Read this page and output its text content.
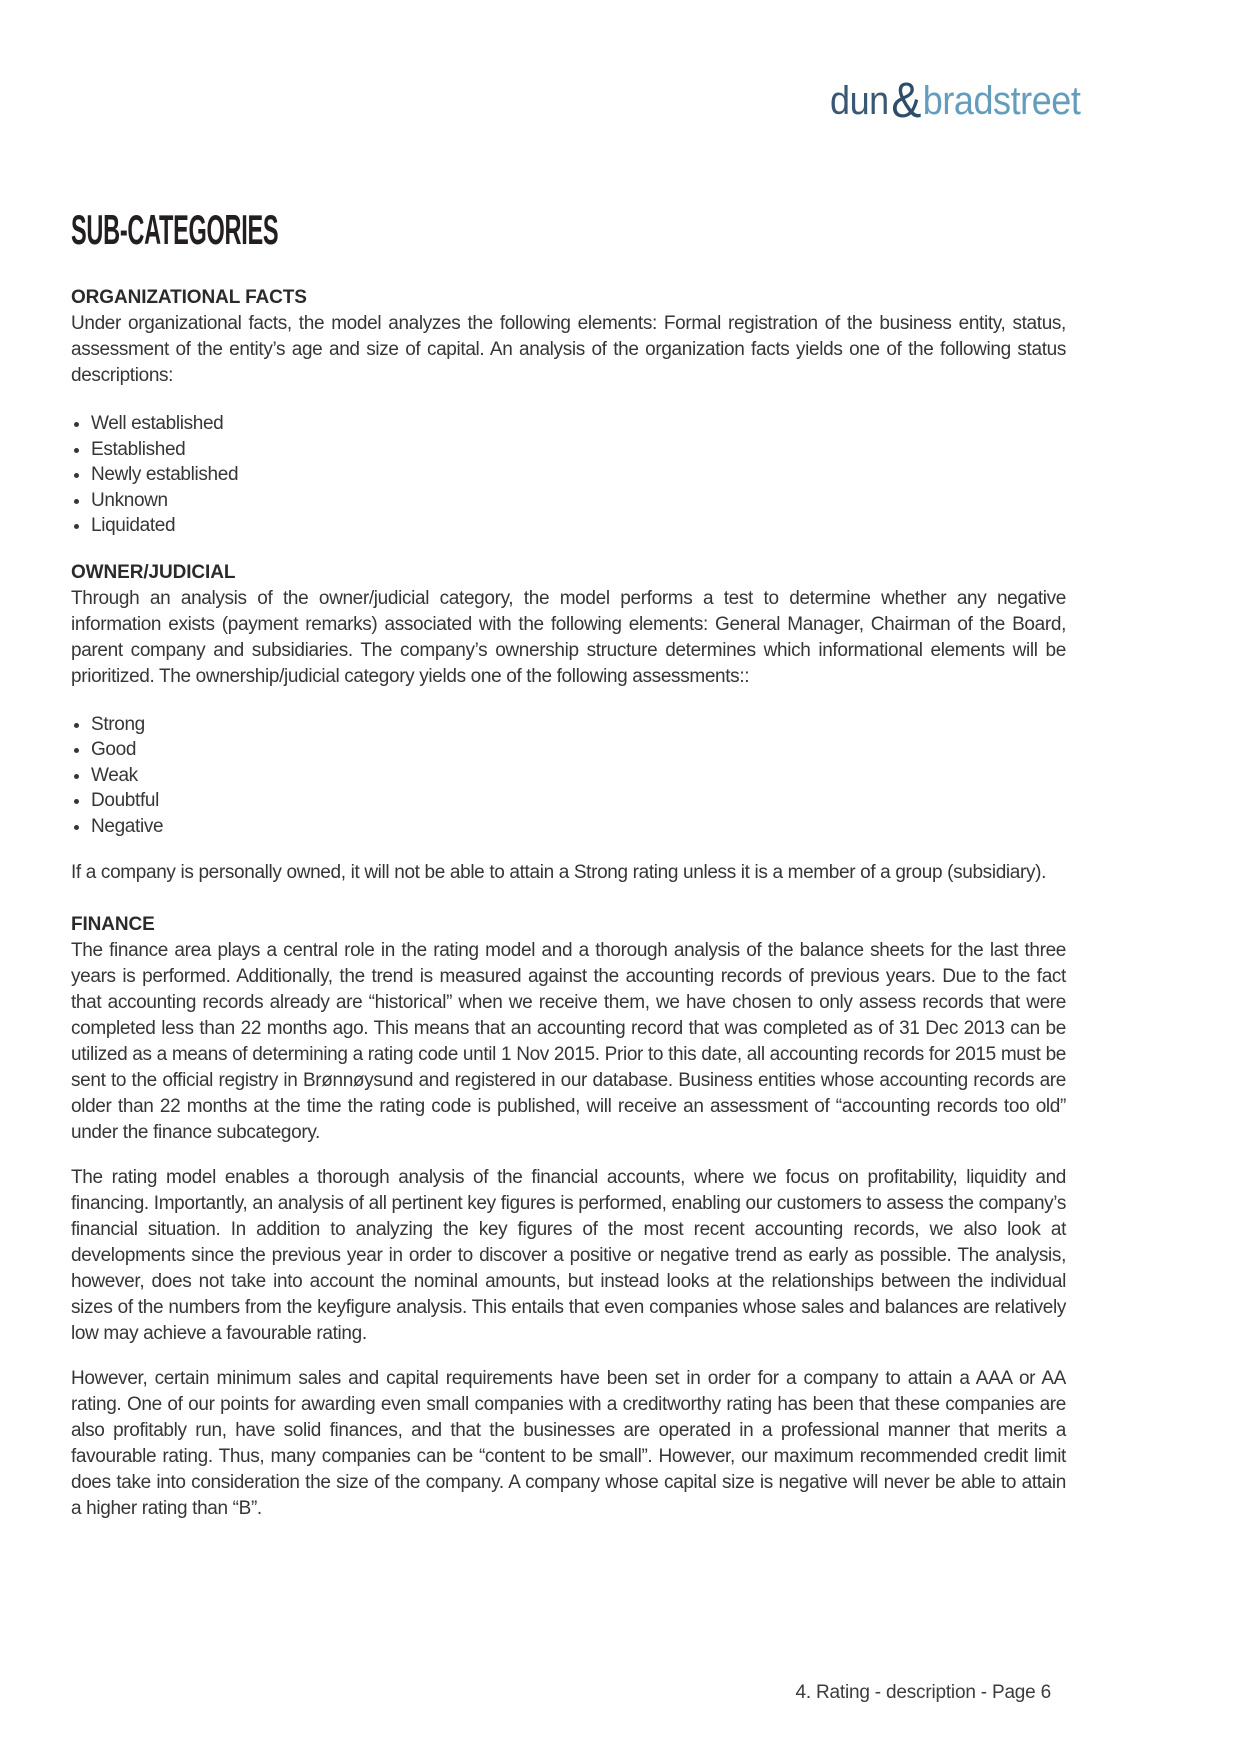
dun&bradstreet
SUB-CATEGORIES
ORGANIZATIONAL FACTS

Under organizational facts, the model analyzes the following elements: Formal registration of the business entity, status, assessment of the entity’s age and size of capital. An analysis of the organization facts yields one of the following status descriptions:

• Well established
• Established
• Newly established
• Unknown
• Liquidated
OWNER/JUDICIAL

Through an analysis of the owner/judicial category, the model performs a test to determine whether any negative information exists (payment remarks) associated with the following elements: General Manager, Chairman of the Board, parent company and subsidiaries. The company’s ownership structure determines which informational elements will be prioritized. The ownership/judicial category yields one of the following assessments::

• Strong
• Good
• Weak
• Doubtful
• Negative

If a company is personally owned, it will not be able to attain a Strong rating unless it is a member of a group (subsidiary).

FINANCE

The finance area plays a central role in the rating model and a thorough analysis of the balance sheets for the last three years is performed. Additionally, the trend is measured against the accounting records of previous years. Due to the fact that accounting records already are “historical” when we receive them, we have chosen to only assess records that were completed less than 22 months ago. This means that an accounting record that was completed as of 31 Dec 2013 can be utilized as a means of determining a rating code until 1 Nov 2015. Prior to this date, all accounting records for 2015 must be sent to the official registry in Brønnøysund and registered in our database. Business entities whose accounting records are older than 22 months at the time the rating code is published, will receive an assessment of “accounting records too old” under the finance subcategory.

The rating model enables a thorough analysis of the financial accounts, where we focus on profitability, liquidity and financing. Importantly, an analysis of all pertinent key figures is performed, enabling our customers to assess the company’s financial situation. In addition to analyzing the key figures of the most recent accounting records, we also look at developments since the previous year in order to discover a positive or negative trend as early as possible. The analysis, however, does not take into account the nominal amounts, but instead looks at the relationships between the individual sizes of the numbers from the keyfigure analysis. This entails that even companies whose sales and balances are relatively low may achieve a favourable rating.

However, certain minimum sales and capital requirements have been set in order for a company to attain a AAA or AA rating. One of our points for awarding even small companies with a creditworthy rating has been that these companies are also profitably run, have solid finances, and that the businesses are operated in a professional manner that merits a favourable rating. Thus, many companies can be “content to be small”. However, our maximum recommended credit limit does take into consideration the size of the company. A company whose capital size is negative will never be able to attain a higher rating than “B”.

4. Rating - description - Page 6
